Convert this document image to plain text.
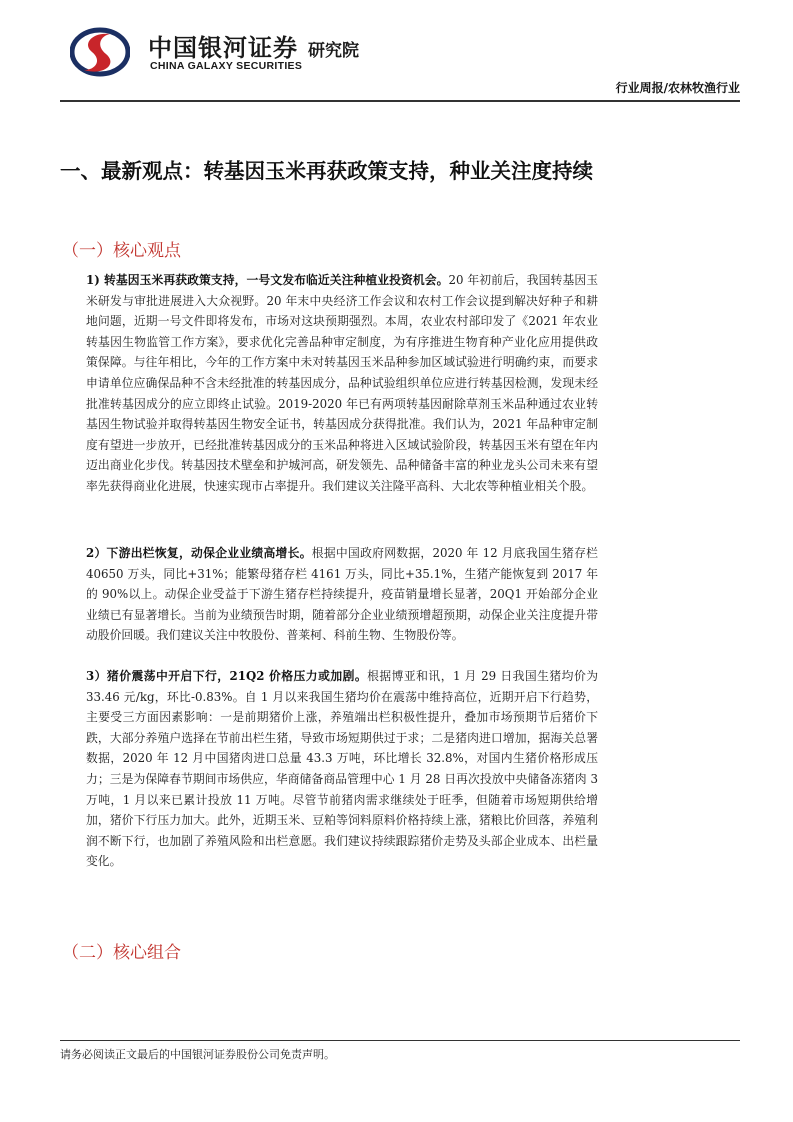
中国银河证券
CHINA GALAXY SECURITIES
研究院
行业周报/农林牧渔行业
一、最新观点：转基因玉米再获政策支持，种业关注度持续
（一）核心观点
1) 转基因玉米再获政策支持，一号文发布临近关注种植业投资机会。20 年初前后，我国转基因玉米研发与审批进展进入大众视野。20 年末中央经济工作会议和农村工作会议提到解决好种子和耕地问题，近期一号文件即将发布，市场对这块预期强烈。本周，农业农村部印发了《2021 年农业转基因生物监管工作方案》，要求优化完善品种审定制度，为有序推进生物育种产业化应用提供政策保障。与往年相比，今年的工作方案中未对转基因玉米品种参加区域试验进行明确约束，而要求申请单位应确保品种不含未经批准的转基因成分，品种试验组织单位应进行转基因检测，发现未经批准转基因成分的应立即终止试验。2019-2020 年已有两项转基因耐除草剂玉米品种通过农业转基因生物试验并取得转基因生物安全证书，转基因成分获得批准。我们认为，2021 年品种审定制度有望进一步放开，已经批准转基因成分的玉米品种将进入区域试验阶段，转基因玉米有望在年内迈出商业化步伐。转基因技术壁垒和护城河高，研发领先、品种储备丰富的种业龙头公司未来有望率先获得商业化进展，快速实现市占率提升。我们建议关注隆平高科、大北农等种植业相关个股。
2）下游出栏恢复，动保企业业绩高增长。根据中国政府网数据，2020 年 12 月底我国生猪存栏 40650 万头，同比+31%；能繁母猪存栏 4161 万头，同比+35.1%，生猪产能恢复到 2017 年的 90%以上。动保企业受益于下游生猪存栏持续提升，疫苗销量增长显著，20Q1 开始部分企业业绩已有显著增长。当前为业绩预告时期，随着部分企业业绩预增超预期，动保企业关注度提升带动股价回暖。我们建议关注中牧股份、普莱柯、科前生物、生物股份等。
3）猪价震荡中开启下行，21Q2 价格压力或加剧。根据博亚和讯，1 月 29 日我国生猪均价为 33.46 元/kg，环比-0.83%。自 1 月以来我国生猪均价在震荡中维持高位，近期开启下行趋势，主要受三方面因素影响：一是前期猪价上涨，养殖端出栏积极性提升，叠加市场预期节后猪价下跌，大部分养殖户选择在节前出栏生猪，导致市场短期供过于求；二是猪肉进口增加，据海关总署数据，2020 年 12 月中国猪肉进口总量 43.3 万吨，环比增长 32.8%，对国内生猪价格形成压力；三是为保障春节期间市场供应，华商储备商品管理中心 1 月 28 日再次投放中央储备冻猪肉 3 万吨，1 月以来已累计投放 11 万吨。尽管节前猪肉需求继续处于旺季，但随着市场短期供给增加，猪价下行压力加大。此外，近期玉米、豆粕等饲料原料价格持续上涨，猪粮比价回落，养殖利润不断下行，也加剧了养殖风险和出栏意愿。我们建议持续跟踪猪价走势及头部企业成本、出栏量变化。
（二）核心组合
请务必阅读正文最后的中国银河证券股份公司免责声明。
